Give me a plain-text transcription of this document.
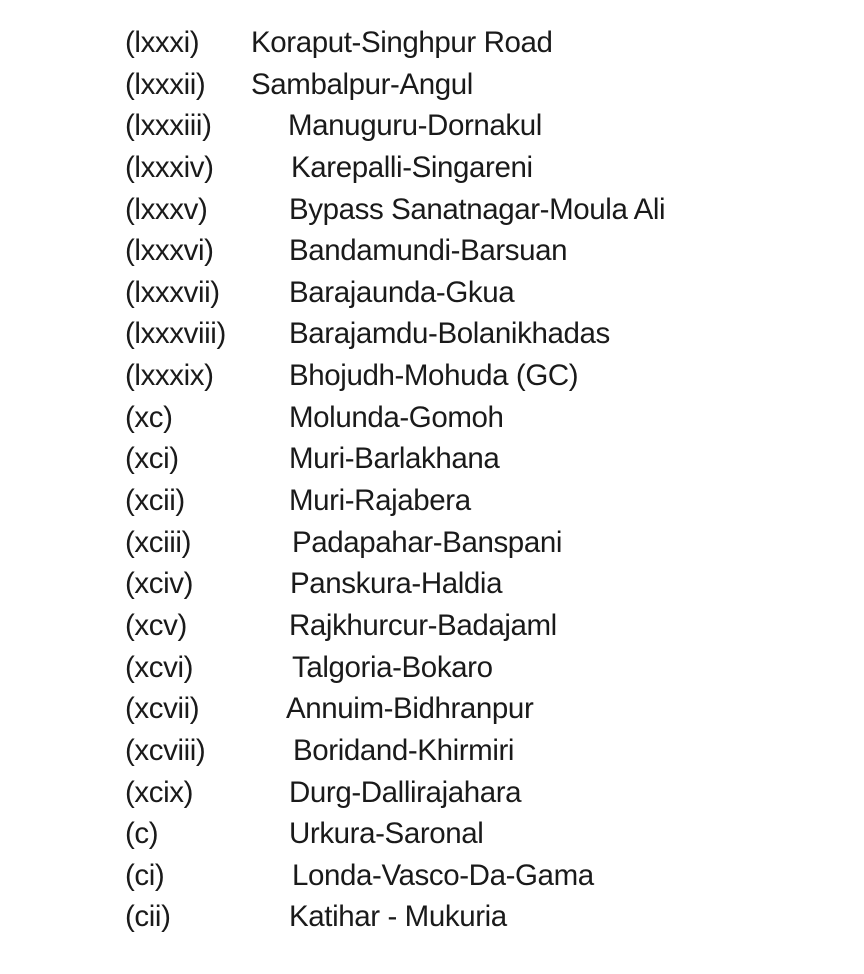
(lxxxi) Koraput-Singhpur Road
(lxxxii) Sambalpur-Angul
(lxxxiii)	Manuguru-Dornakul
(lxxxiv)	Karepalli-Singareni
(lxxxv)	Bypass Sanatnagar-Moula Ali
(lxxxvi)	Bandamundi-Barsuan
(lxxxvii) Barajaunda-Gkua
(lxxxviii) Barajamdu-Bolanikhadas
(lxxxix)	Bhojudh-Mohuda (GC)
(xc)	Molunda-Gomoh
(xci)	Muri-Barlakhana
(xcii)	Muri-Rajabera
(xciii)	Padapahar-Banspani
(xciv)	Panskura-Haldia
(xcv)	Rajkhurcur-Badajaml
(xcvi)	Talgoria-Bokaro
(xcvii)	Annuim-Bidhranpur
(xcviii)	Boridand-Khirmiri
(xcix)	Durg-Dallirajahara
(c)	Urkura-Saronal
(ci)	Londa-Vasco-Da-Gama
(cii)	Katihar - Mukuria
